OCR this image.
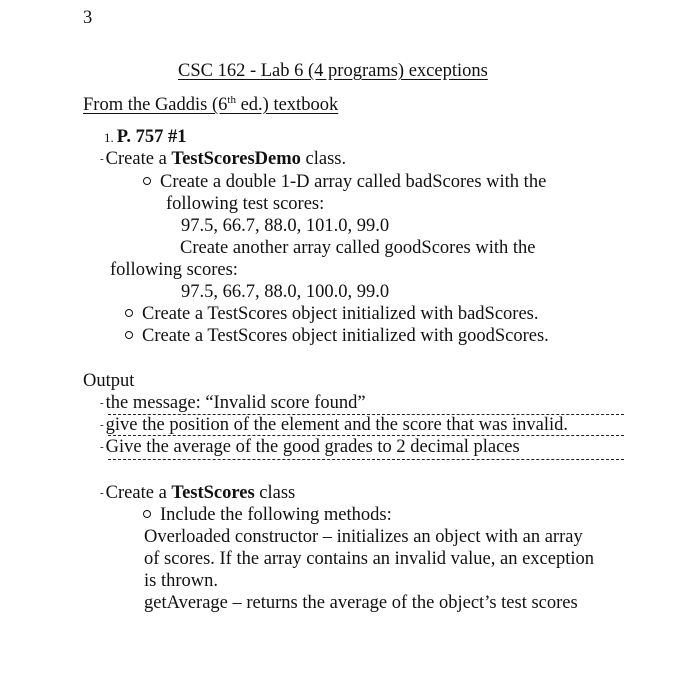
3
CSC 162 - Lab 6 (4 programs) exceptions
From the Gaddis (6th ed.) textbook
1. P. 757 #1
- Create a TestScoresDemo class.
Create a double 1-D array called badScores with the
following test scores:
97.5, 66.7, 88.0, 101.0, 99.0
Create another array called goodScores with the
following scores:
97.5, 66.7, 88.0, 100.0, 99.0
Create a TestScores object initialized with badScores.
Create a TestScores object initialized with goodScores.
Output
- the message: “Invalid score found”
- give the position of the element and the score that was invalid.
- Give the average of the good grades to 2 decimal places
- Create a TestScores class
Include the following methods:
Overloaded constructor – initializes an object with an array
of scores. If the array contains an invalid value, an exception
is thrown.
getAverage – returns the average of the object’s test scores
